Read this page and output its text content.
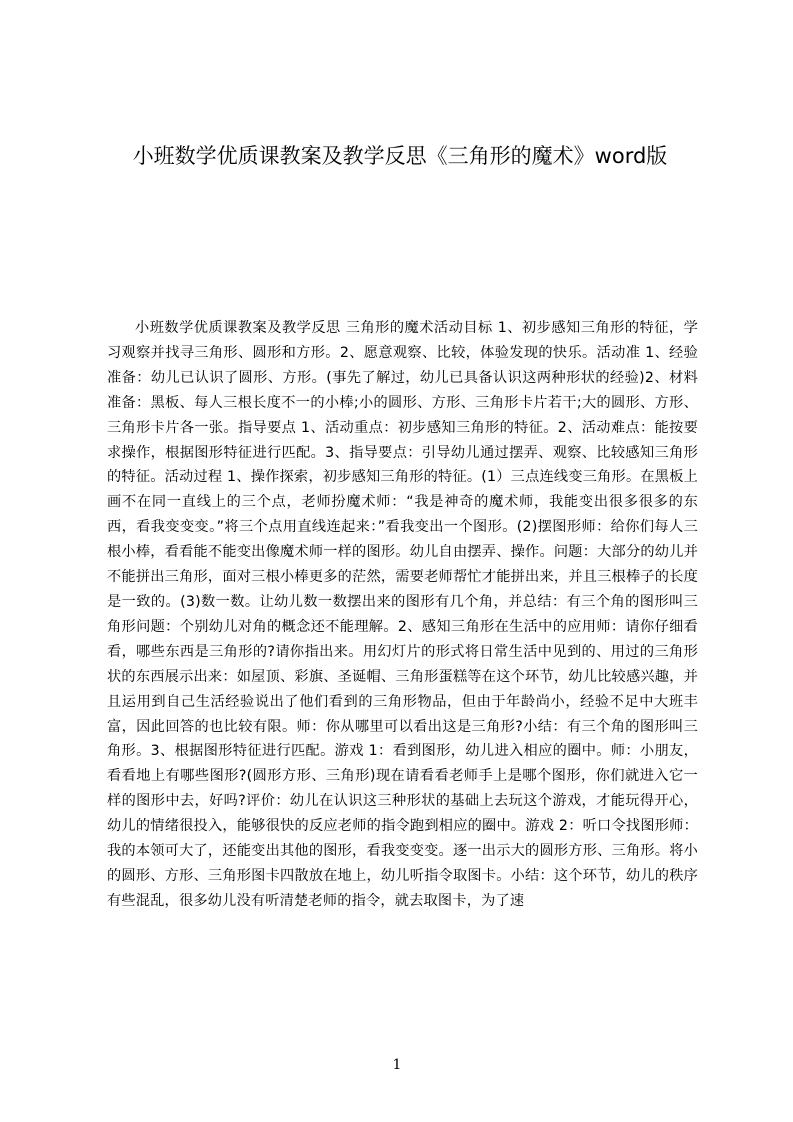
小班数学优质课教案及教学反思《三角形的魔术》word版
小班数学优质课教案及教学反思 三角形的魔术活动目标 1、初步感知三角形的特征，学习观察并找寻三角形、圆形和方形。2、愿意观察、比较，体验发现的快乐。活动准 1、经验准备：幼儿已认识了圆形、方形。(事先了解过，幼儿已具备认识这两种形状的经验)2、材料准备：黑板、每人三根长度不一的小棒;小的圆形、方形、三角形卡片若干;大的圆形、方形、三角形卡片各一张。指导要点 1、活动重点：初步感知三角形的特征。2、活动难点：能按要求操作，根据图形特征进行匹配。3、指导要点：引导幼儿通过摆弄、观察、比较感知三角形的特征。活动过程 1、操作探索，初步感知三角形的特征。(1）三点连线变三角形。在黑板上画不在同一直线上的三个点，老师扮魔术师：“我是神奇的魔术师，我能变出很多很多的东西，看我变变变。”将三个点用直线连起来：”看我变出一个图形。(2)摆图形师：给你们每人三根小棒，看看能不能变出像魔术师一样的图形。幼儿自由摆弄、操作。问题：大部分的幼儿并不能拼出三角形，面对三根小棒更多的茫然，需要老师帮忙才能拼出来，并且三根棒子的长度是一致的。(3)数一数。让幼儿数一数摆出来的图形有几个角，并总结：有三个角的图形叫三角形问题：个别幼儿对角的概念还不能理解。2、感知三角形在生活中的应用师：请你仔细看看，哪些东西是三角形的?请你指出来。用幻灯片的形式将日常生活中见到的、用过的三角形状的东西展示出来：如屋顶、彩旗、圣诞帽、三角形蛋糕等在这个环节，幼儿比较感兴趣，并且运用到自己生活经验说出了他们看到的三角形物品，但由于年龄尚小，经验不足中大班丰富，因此回答的也比较有限。师：你从哪里可以看出这是三角形?小结：有三个角的图形叫三角形。3、根据图形特征进行匹配。游戏 1：看到图形，幼儿进入相应的圈中。师：小朋友，看看地上有哪些图形?(圆形方形、三角形)现在请看看老师手上是哪个图形，你们就进入它一样的图形中去，好吗?评价：幼儿在认识这三种形状的基础上去玩这个游戏，才能玩得开心，幼儿的情绪很投入，能够很快的反应老师的指令跑到相应的圈中。游戏 2：听口令找图形师：我的本领可大了，还能变出其他的图形，看我变变变。逐一出示大的圆形方形、三角形。将小的圆形、方形、三角形图卡四散放在地上，幼儿听指令取图卡。小结：这个环节，幼儿的秩序有些混乱，很多幼儿没有听清楚老师的指令，就去取图卡，为了速
1
